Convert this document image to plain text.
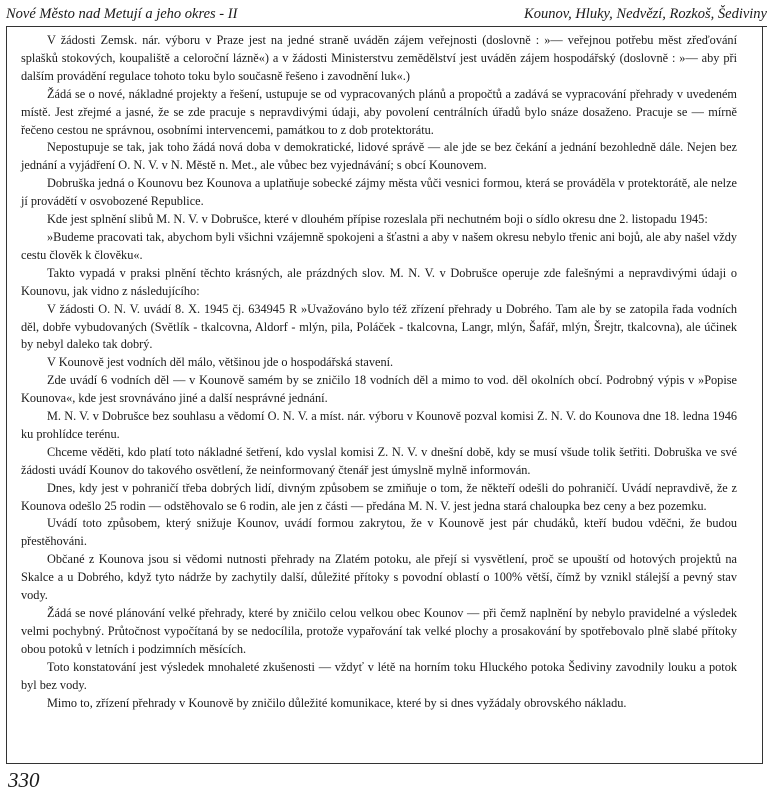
Nové Město nad Metují a jeho okres - II	Kounov, Hluky, Nedvězí, Rozkoš, Šediviny

V žádosti Zemsk. nár. výboru v Praze jest na jedné straně uváděn zájem veřejnosti (doslovně : »— veřejnou potřebu měst zřeďování splašků stokových, koupaliště a celoroční lázně«) a v žádosti Ministerstvu zemědělství jest uváděn zájem hospodářský (doslovně : »— aby při dalším provádění regulace tohoto toku bylo současně řešeno i zavodnění luk«.)

Žádá se o nové, nákladné projekty a řešení, ustupuje se od vypracovaných plánů a propočtů a zadává se vypracování přehrady v uvedeném místě. Jest zřejmé a jasné, že se zde pracuje s nepravdivými údaji, aby povolení centrálních úřadů bylo snáze dosaženo. Pracuje se — mírně řečeno cestou ne správnou, osobními intervencemi, památkou to z dob protektorátu.

Nepostupuje se tak, jak toho žádá nová doba v demokratické, lidové správě — ale jde se bez čekání a jednání bezohledně dále. Nejen bez jednání a vyjádření O. N. V. v N. Městě n. Met., ale vůbec bez vyjednávání; s obcí Kounovem.

Dobruška jedná o Kounovu bez Kounova a uplatňuje sobecké zájmy města vůči vesnici formou, která se prováděla v protektorátě, ale nelze jí provádětí v osvobozené Republice.

Kde jest splnění slibů M. N. V. v Dobrušce, které v dlouhém přípise rozeslala při nechutném boji o sídlo okresu dne 2. listopadu 1945:

»Budeme pracovati tak, abychom byli všichni vzájemně spokojeni a šťastni a aby v našem okresu nebylo třenic ani bojů, ale aby našel vždy cestu člověk k člověku«.

Takto vypadá v praksi plnění těchto krásných, ale prázdných slov. M. N. V. v Dobrušce operuje zde falešnými a nepravdivými údaji o Kounovu, jak vidno z následujícího:

V žádosti O. N. V. uvádí 8. X. 1945 čj. 634945 R »Uvažováno bylo též zřízení přehrady u Dobrého. Tam ale by se zatopila řada vodních děl, dobře vybudovaných (Světlík - tkalcovna, Aldorf - mlýn, pila, Poláček - tkalcovna, Langr, mlýn, Šafář, mlýn, Šrejtr, tkalcovna), ale účinek by nebyl daleko tak dobrý.

V Kounově jest vodních děl málo, většinou jde o hospodářská stavení.

Zde uvádí 6 vodních děl — v Kounově samém by se zničilo 18 vodních děl a mimo to vod. děl okolních obcí. Podrobný výpis v »Popise Kounova«, kde jest srovnáváno jiné a další nesprávné jednání.

M. N. V. v Dobrušce bez souhlasu a vědomí O. N. V. a míst. nár. výboru v Kounově pozval komisi Z. N. V. do Kounova dne 18. ledna 1946 ku prohlídce terénu.

Chceme věděti, kdo platí toto nákladné šetření, kdo vyslal komisi Z. N. V. v dnešní době, kdy se musí všude tolik šetřiti. Dobruška ve své žádosti uvádí Kounov do takového osvětlení, že neinformovaný čtenář jest úmyslně mylně informován.

Dnes, kdy jest v pohraničí třeba dobrých lidí, divným způsobem se zmiňuje o tom, že někteří odešli do pohraničí. Uvádí nepravdivě, že z Kounova odešlo 25 rodin — odstěhovalo se 6 rodin, ale jen z části — předána M. N. V. jest jedna stará chaloupka bez ceny a bez pozemku.

Uvádí toto způsobem, který snižuje Kounov, uvádí formou zakrytou, že v Kounově jest pár chudáků, kteří budou vděčni, že budou přestěhováni.

Občané z Kounova jsou si vědomi nutnosti přehrady na Zlatém potoku, ale přejí si vysvětlení, proč se upouští od hotových projektů na Skalce a u Dobrého, když tyto nádrže by zachytily další, důležité přítoky s povodní oblastí o 100% větší, čímž by vznikl stálejší a pevný stav vody.

Žádá se nové plánování velké přehrady, které by zničilo celou velkou obec Kounov — při čemž naplnění by nebylo pravidelné a výsledek velmi pochybný. Průtočnost vypočítaná by se nedocílila, protože vypařování tak velké plochy a prosakování by spotřebovalo plně slabé přítoky obou potoků v letních i podzimních měsících.

Toto konstatování jest výsledek mnohaleté zkušenosti — vždyť v létě na horním toku Hluckého potoka Šediviny zavodnily louku a potok byl bez vody.

Mimo to, zřízení přehrady v Kounově by zničilo důležité komunikace, které by si dnes vyžádaly obrovského nákladu.

330
